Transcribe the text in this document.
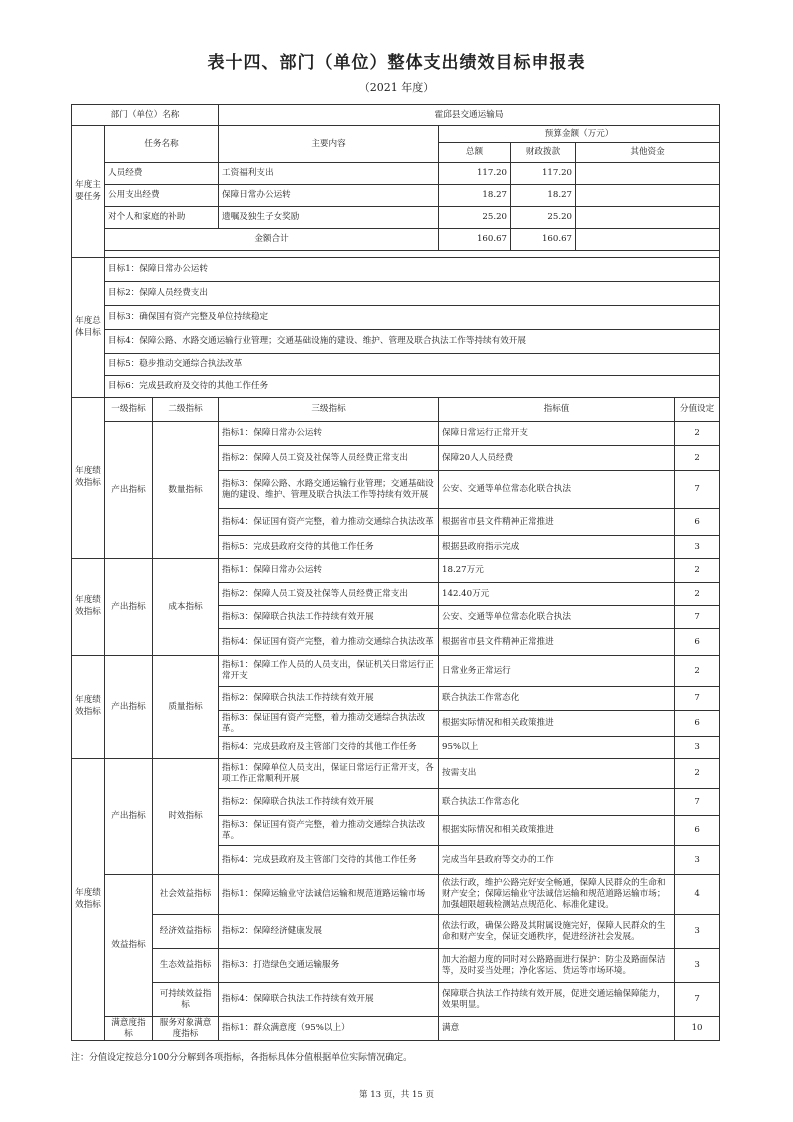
表十四、部门（单位）整体支出绩效目标申报表
（2021 年度）
部门（单位）名称			霍邱县交通运输局				
年度主要任务	任务名称		主要内容	预算金额（万元）			
				总额	财政拨款	其他资金	
	人员经费		工资福利支出	117.20	117.20		
	公用支出经费		保障日常办公运转	18.27	18.27		
	对个人和家庭的补助		遗嘱及独生子女奖励	25.20	25.20		
	金额合计			160.67	160.67		

年度总体目标	目标1：保障日常办公运转						
	目标2：保障人员经费支出						
	目标3：确保国有资产完整及单位持续稳定						
	目标4：保障公路、水路交通运输行业管理；交通基础设施的建设、维护、管理及联合执法工作等持续有效开展						
	目标5：稳步推动交通综合执法改革						
	目标6：完成县政府及交待的其他工作任务						
年度绩效指标	一级指标	二级指标	三级指标	指标值			分值设定
	产出指标	数量指标	指标1：保障日常办公运转	保障日常运行正常开支			2
			指标2：保障人员工资及社保等人员经费正常支出	保障20人人员经费			2
			指标3：保障公路、水路交通运输行业管理；交通基础设施的建设、维护、管理及联合执法工作等持续有效开展	公安、交通等单位常态化联合执法			7
			指标4：保证国有资产完整，着力推动交通综合执法改革	根据省市县文件精神正常推进			6
			指标5：完成县政府交待的其他工作任务	根据县政府指示完成			3
年度绩效指标	产出指标	成本指标	指标1：保障日常办公运转	18.27万元			2
			指标2：保障人员工资及社保等人员经费正常支出	142.40万元			2
			指标3：保障联合执法工作持续有效开展	公安、交通等单位常态化联合执法			7
			指标4：保证国有资产完整，着力推动交通综合执法改革	根据省市县文件精神正常推进			6
年度绩效指标	产出指标	质量指标	指标1：保障工作人员的人员支出，保证机关日常运行正常开支	日常业务正常运行			2
			指标2：保障联合执法工作持续有效开展	联合执法工作常态化			7
			指标3：保证国有资产完整，着力推动交通综合执法改革。	根据实际情况和相关政策推进			6
			指标4：完成县政府及主管部门交待的其他工作任务	95%以上			3
年度绩效指标	产出指标	时效指标	指标1：保障单位人员支出，保证日常运行正常开支，各项工作正常顺利开展	按需支出			2
			指标2：保障联合执法工作持续有效开展	联合执法工作常态化			7
			指标3：保证国有资产完整，着力推动交通综合执法改革。	根据实际情况和相关政策推进			6
			指标4：完成县政府及主管部门交待的其他工作任务	完成当年县政府等交办的工作			3
	效益指标	社会效益指标	指标1：保障运输业守法诚信运输和规范道路运输市场	依法行政，维护公路完好安全畅通，保障人民群众的生命和财产安全；保障运输业守法诚信运输和规范道路运输市场；加强超限超载检测站点规范化、标准化建设。			4
		经济效益指标	指标2：保障经济健康发展	依法行政，确保公路及其附属设施完好，保障人民群众的生命和财产安全，保证交通秩序，促进经济社会发展。			3
		生态效益指标	指标3：打造绿色交通运输服务	加大治超力度的同时对公路路面进行保护：防尘及路面保洁等，及时妥当处理；净化客运、货运等市场环境。			3
		可持续效益指标	指标4：保障联合执法工作持续有效开展	保障联合执法工作持续有效开展，促进交通运输保障能力，效果明显。			7
	满意度指标	服务对象满意度指标	指标1：群众满意度（95%以上）	满意			10
注：分值设定按总分100分分解到各项指标，各指标具体分值根据单位实际情况确定。
第 13 页，共 15 页
